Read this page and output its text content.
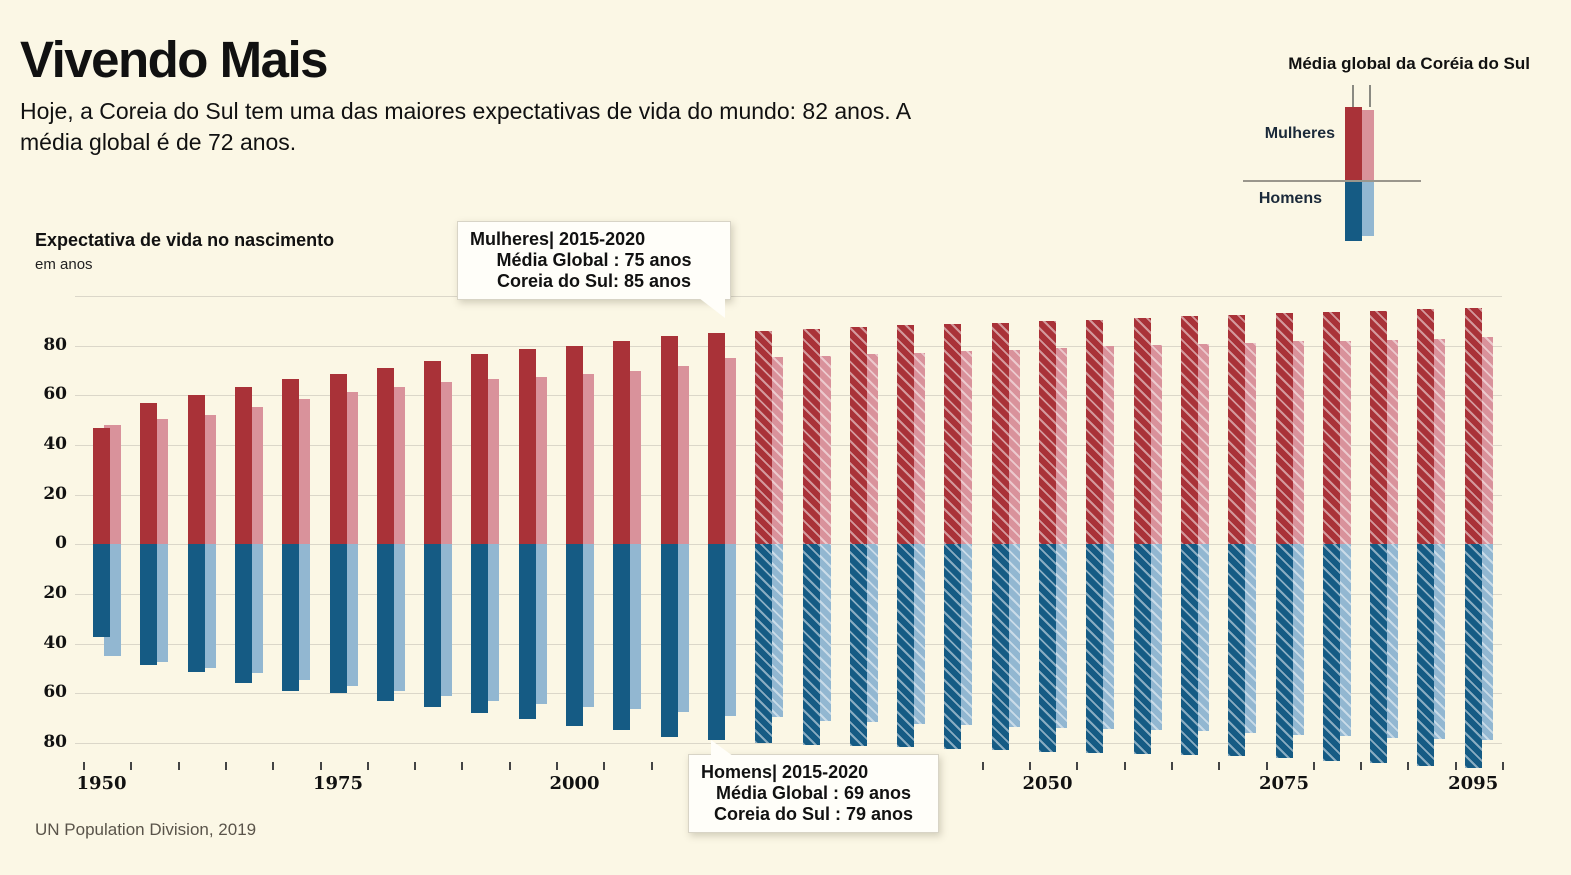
Vivendo Mais
Hoje, a Coreia do Sul tem uma das maiores expectativas de vida do mundo: 82 anos. A
média global é de 72 anos.
Média global da Coréia do Sul
Mulheres
Homens
Expectativa de vida no nascimento
em anos
80
60
40
20
0
20
40
60
80
1950	1975	2000	2050	2075	2095
Mulheres| 2015-2020
Média Global : 75 anos
Coreia do Sul: 85 anos
Homens| 2015-2020
Média Global : 69 anos
Coreia do Sul : 79 anos
UN Population Division, 2019
